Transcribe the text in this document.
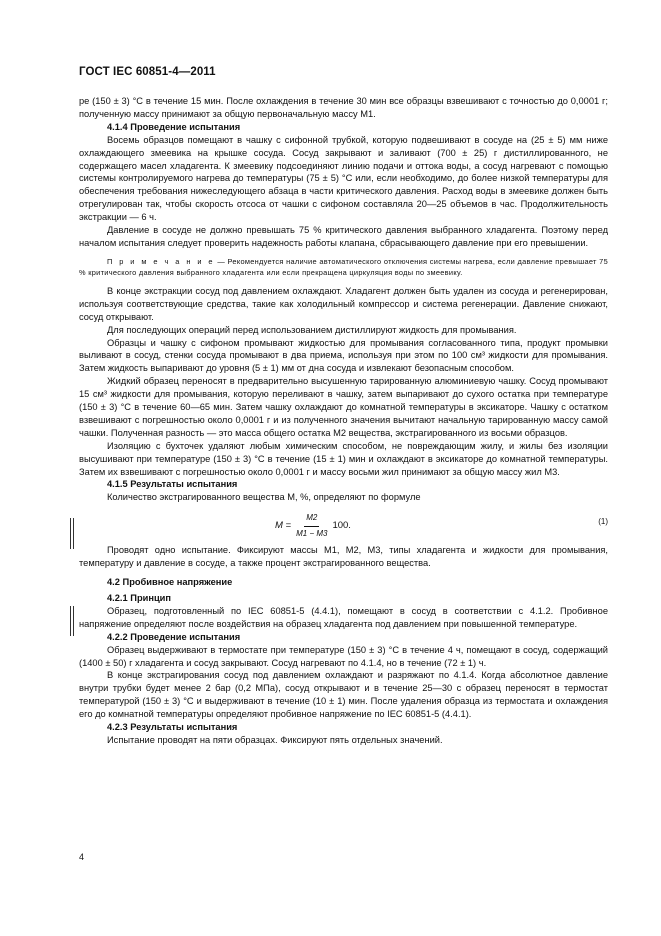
ГОСТ IEC 60851-4—2011

ре (150 ± 3) °С в течение 15 мин. После охлаждения в течение 30 мин все образцы взвешивают с точностью до 0,0001 г; полученную массу принимают за общую первоначальную массу M1.

4.1.4 Проведение испытания

Восемь образцов помещают в чашку с сифонной трубкой, которую подвешивают в сосуде на (25 ± 5) мм ниже охлаждающего змеевика на крышке сосуда. Сосуд закрывают и заливают (700 ± 25) г дистиллированного, не содержащего масел хладагента. К змеевику подсоединяют линию подачи и оттока воды, а сосуд нагревают с помощью системы контролируемого нагрева до температуры (75 ± 5) °С или, если необходимо, до более низкой температуры для обеспечения требования нижеследующего абзаца в части критического давления. Расход воды в змеевике должен быть отрегулирован так, чтобы скорость отсоса от чашки с сифоном составляла 20—25 объемов в час. Продолжительность экстракции — 6 ч.

Давление в сосуде не должно превышать 75 % критического давления выбранного хладагента. Поэтому перед началом испытания следует проверить надежность работы клапана, сбрасывающего давление при его превышении.

П р и м е ч а н и е — Рекомендуется наличие автоматического отключения системы нагрева, если давление превышает 75 % критического давления выбранного хладагента или если прекращена циркуляция воды по змеевику.

В конце экстракции сосуд под давлением охлаждают. Хладагент должен быть удален из сосуда и регенерирован, используя соответствующие средства, такие как холодильный компрессор и система регенерации. Давление снижают, сосуд открывают.

Для последующих операций перед использованием дистиллируют жидкость для промывания.

Образцы и чашку с сифоном промывают жидкостью для промывания согласованного типа, продукт промывки выливают в сосуд, стенки сосуда промывают в два приема, используя при этом по 100 см³ жидкости для промывания. Затем жидкость выпаривают до уровня (5 ± 1) мм от дна сосуда и извлекают безопасным способом.

Жидкий образец переносят в предварительно высушенную тарированную алюминиевую чашку. Сосуд промывают 15 см³ жидкости для промывания, которую переливают в чашку, затем выпаривают до сухого остатка при температуре (150 ± 3) °С в течение 60—65 мин. Затем чашку охлаждают до комнатной температуры в эксикаторе. Чашку с остатком взвешивают с погрешностью около 0,0001 г и из полученного значения вычитают начальную тарированную массу самой чашки. Полученная разность — это масса общего остатка M2 вещества, экстрагированного из восьми образцов.

Изоляцию с бухточек удаляют любым химическим способом, не повреждающим жилу, и жилы без изоляции высушивают при температуре (150 ± 3) °С в течение (15 ± 1) мин и охлаждают в эксикаторе до комнатной температуры. Затем их взвешивают с погрешностью около 0,0001 г и массу восьми жил принимают за общую массу жил M3.

4.1.5 Результаты испытания

Количество экстрагированного вещества M, %, определяют по формуле

$M = \frac{M2}{M1 - M3} 100$.	(1)

Проводят одно испытание. Фиксируют массы M1, M2, M3, типы хладагента и жидкости для промывания, температуру и давление в сосуде, а также процент экстрагированного вещества.

4.2 Пробивное напряжение

4.2.1 Принцип

Образец, подготовленный по IEC 60851-5 (4.4.1), помещают в сосуд в соответствии с 4.1.2. Пробивное напряжение определяют после воздействия на образец хладагента под давлением при повышенной температуре.

4.2.2 Проведение испытания

Образец выдерживают в термостате при температуре (150 ± 3) °С в течение 4 ч, помещают в сосуд, содержащий (1400 ± 50) г хладагента и сосуд закрывают. Сосуд нагревают по 4.1.4, но в течение (72 ± 1) ч.

В конце экстрагирования сосуд под давлением охлаждают и разряжают по 4.1.4. Когда абсолютное давление внутри трубки будет менее 2 бар (0,2 МПа), сосуд открывают и в течение 25—30 с образец переносят в термостат температурой (150 ± 3) °С и выдерживают в течение (10 ± 1) мин. После удаления образца из термостата и охлаждения его до комнатной температуры определяют пробивное напряжение по IEC 60851-5 (4.4.1).

4.2.3 Результаты испытания

Испытание проводят на пяти образцах. Фиксируют пять отдельных значений.

4
